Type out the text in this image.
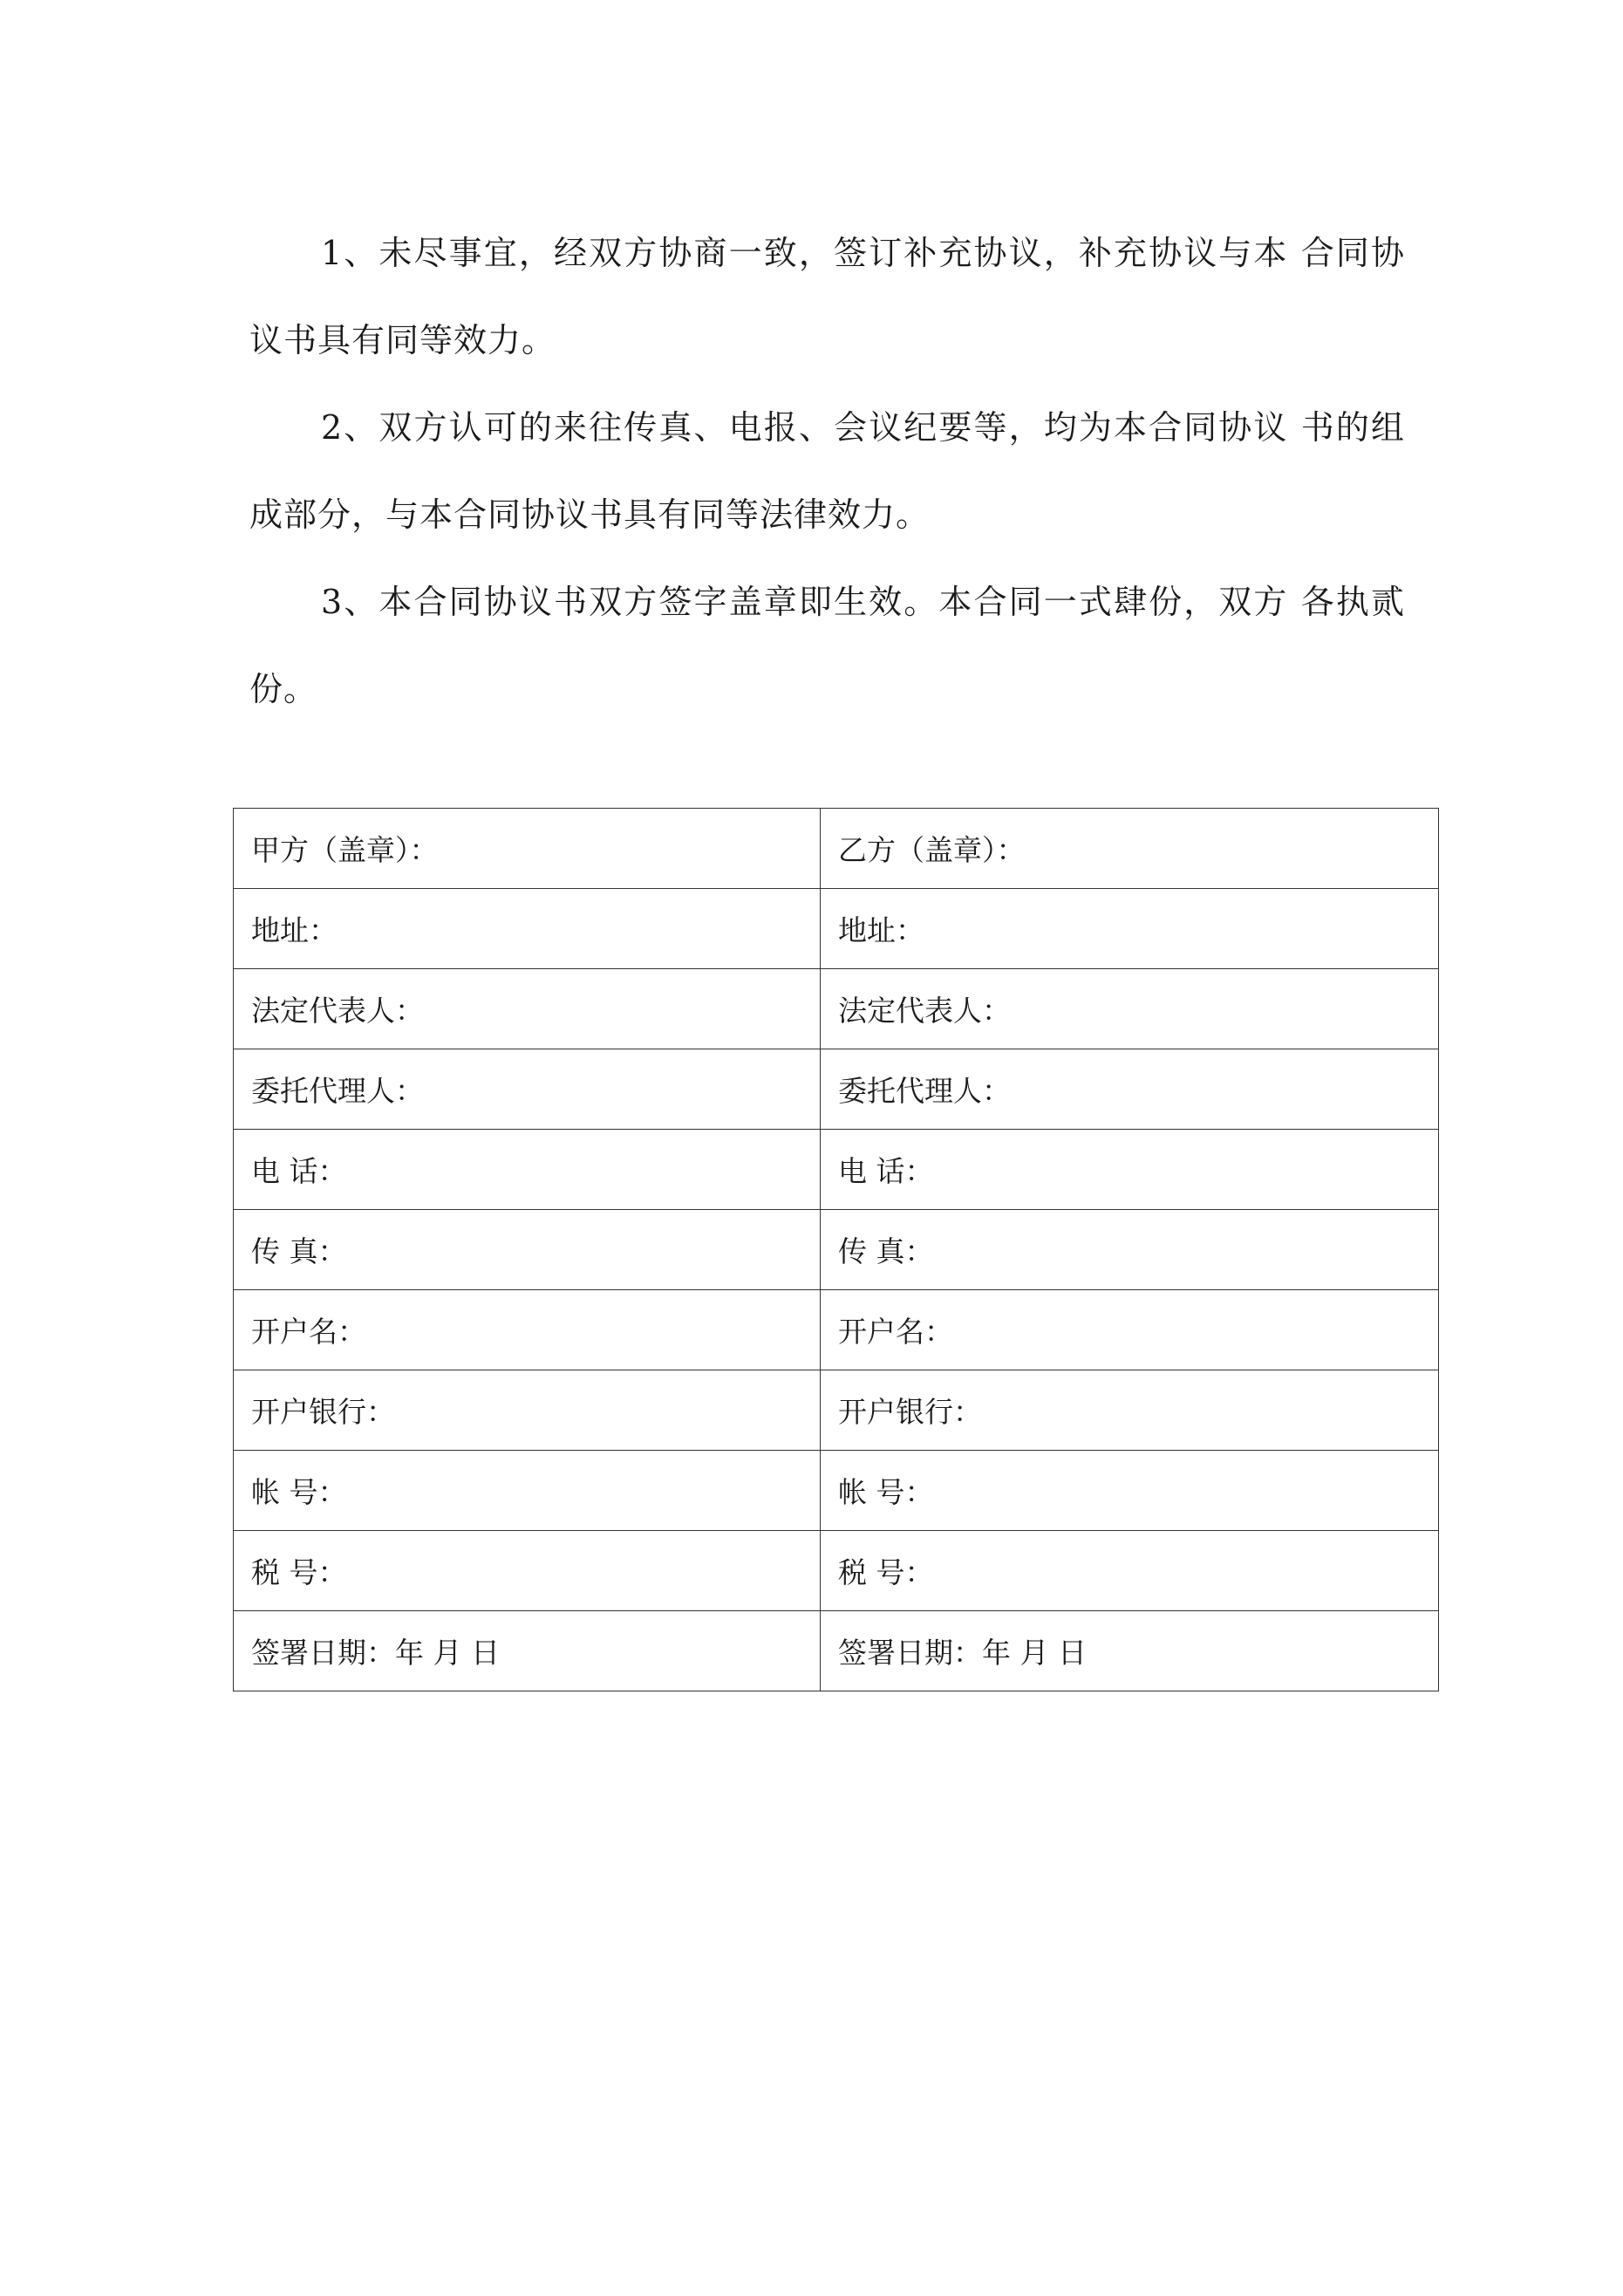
1、未尽事宜，经双方协商一致，签订补充协议，补充协议与本 合同协议书具有同等效力。

2、双方认可的来往传真、电报、会议纪要等，均为本合同协议 书的组成部分，与本合同协议书具有同等法律效力。

3、本合同协议书双方签字盖章即生效。本合同一式肆份，双方 各执贰份。

甲方（盖章）：	乙方（盖章）：
地址：	地址：
法定代表人：	法定代表人：
委托代理人：	委托代理人：
电 话：	电 话：
传 真：	传 真：
开户名：	开户名：
开户银行：	开户银行：
帐 号：	帐 号：
税 号：	税 号：
签署日期：年 月 日	签署日期：年 月 日
